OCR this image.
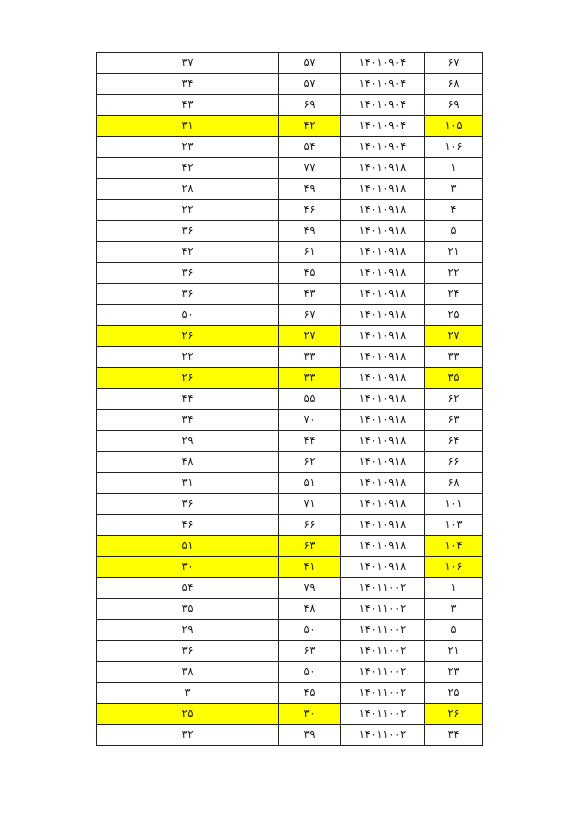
۳۷	۵۷	۱۴۰۱۰۹۰۴	۶۷
۳۴	۵۷	۱۴۰۱۰۹۰۴	۶۸
۴۳	۶۹	۱۴۰۱۰۹۰۴	۶۹
۳۱	۴۲	۱۴۰۱۰۹۰۴	۱۰۵
۲۳	۵۴	۱۴۰۱۰۹۰۴	۱۰۶
۴۲	۷۷	۱۴۰۱۰۹۱۸	۱
۲۸	۴۹	۱۴۰۱۰۹۱۸	۳
۲۲	۴۶	۱۴۰۱۰۹۱۸	۴
۳۶	۴۹	۱۴۰۱۰۹۱۸	۵
۴۲	۶۱	۱۴۰۱۰۹۱۸	۲۱
۳۶	۴۵	۱۴۰۱۰۹۱۸	۲۲
۳۶	۴۳	۱۴۰۱۰۹۱۸	۲۴
۵۰	۶۷	۱۴۰۱۰۹۱۸	۲۵
۲۶	۲۷	۱۴۰۱۰۹۱۸	۲۷
۲۲	۳۳	۱۴۰۱۰۹۱۸	۳۳
۲۶	۳۳	۱۴۰۱۰۹۱۸	۳۵
۴۴	۵۵	۱۴۰۱۰۹۱۸	۶۲
۳۴	۷۰	۱۴۰۱۰۹۱۸	۶۳
۲۹	۴۴	۱۴۰۱۰۹۱۸	۶۴
۴۸	۶۲	۱۴۰۱۰۹۱۸	۶۶
۳۱	۵۱	۱۴۰۱۰۹۱۸	۶۸
۳۶	۷۱	۱۴۰۱۰۹۱۸	۱۰۱
۴۶	۶۶	۱۴۰۱۰۹۱۸	۱۰۳
۵۱	۶۳	۱۴۰۱۰۹۱۸	۱۰۴
۳۰	۴۱	۱۴۰۱۰۹۱۸	۱۰۶
۵۴	۷۹	۱۴۰۱۱۰۰۲	۱
۳۵	۴۸	۱۴۰۱۱۰۰۲	۳
۲۹	۵۰	۱۴۰۱۱۰۰۲	۵
۳۶	۶۳	۱۴۰۱۱۰۰۲	۲۱
۳۸	۵۰	۱۴۰۱۱۰۰۲	۲۳
۳	۴۵	۱۴۰۱۱۰۰۲	۲۵
۲۵	۳۰	۱۴۰۱۱۰۰۲	۲۶
۳۲	۳۹	۱۴۰۱۱۰۰۲	۳۴
